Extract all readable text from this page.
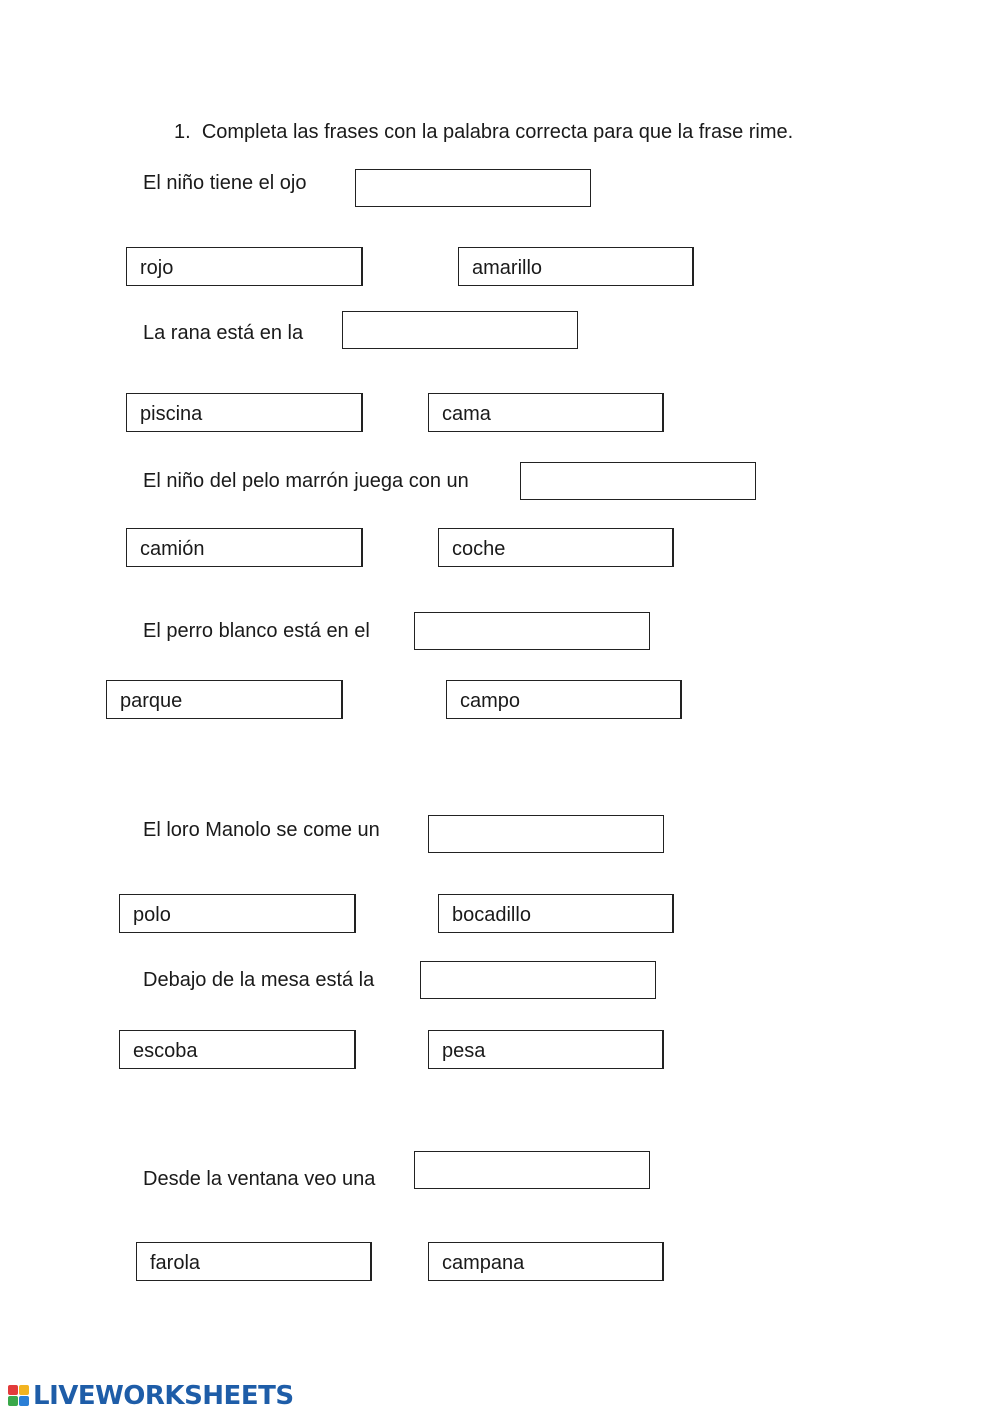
1. Completa las frases con la palabra correcta para que la frase rime.
El niño tiene el ojo
rojo	amarillo
La rana está en la
piscina	cama
El niño del pelo marrón juega con un
camión	coche
El perro blanco está en el
parque	campo
El loro Manolo se come un
polo	bocadillo
Debajo de la mesa está la
escoba	pesa
Desde la ventana veo una
farola	campana
LIVEWORKSHEETS
